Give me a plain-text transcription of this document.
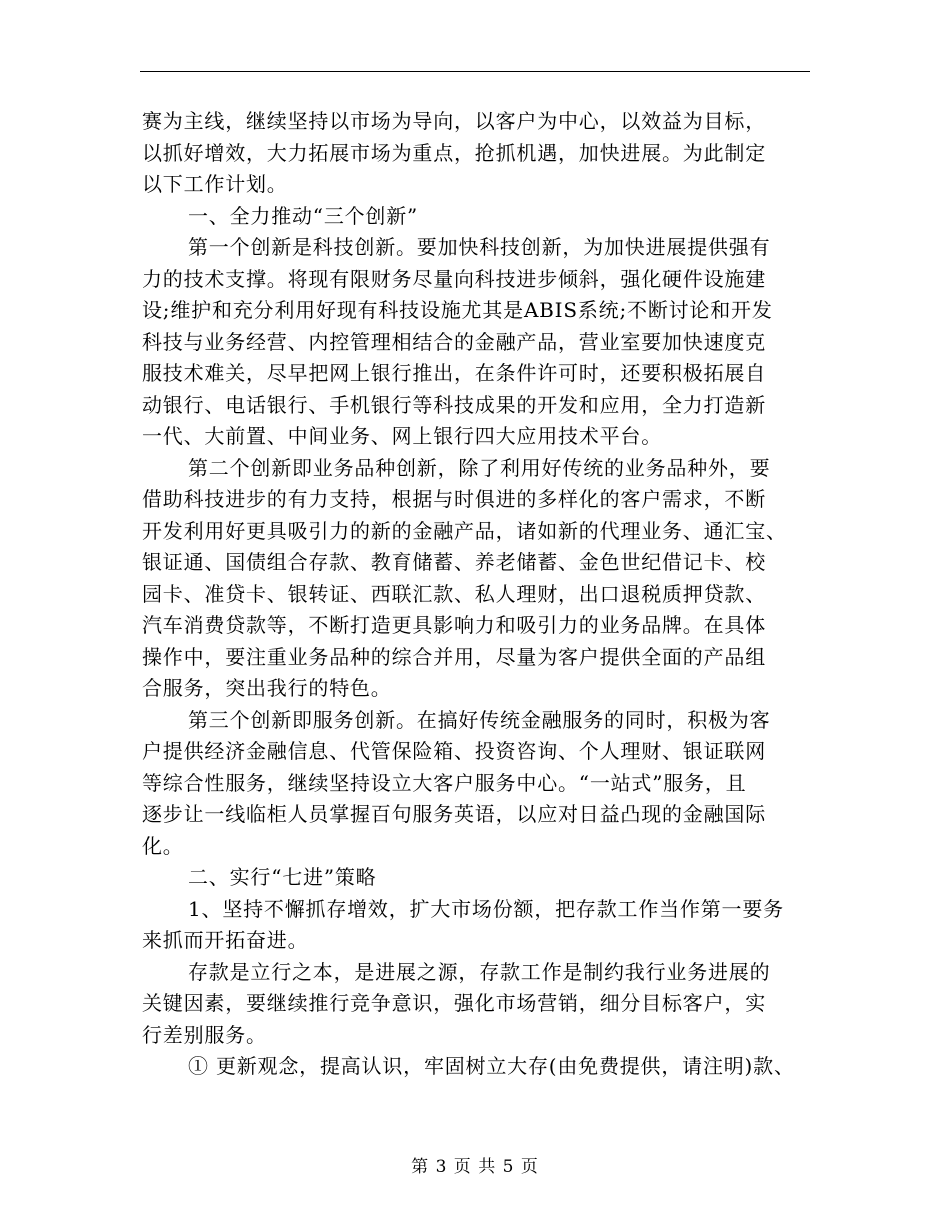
赛为主线，继续坚持以市场为导向，以客户为中心，以效益为目标，
以抓好增效，大力拓展市场为重点，抢抓机遇，加快进展。为此制定
以下工作计划。
一、全力推动“三个创新”
第一个创新是科技创新。要加快科技创新，为加快进展提供强有
力的技术支撑。将现有限财务尽量向科技进步倾斜，强化硬件设施建
设;维护和充分利用好现有科技设施尤其是ABIS系统;不断讨论和开发
科技与业务经营、内控管理相结合的金融产品，营业室要加快速度克
服技术难关，尽早把网上银行推出，在条件许可时，还要积极拓展自
动银行、电话银行、手机银行等科技成果的开发和应用，全力打造新
一代、大前置、中间业务、网上银行四大应用技术平台。
第二个创新即业务品种创新，除了利用好传统的业务品种外，要
借助科技进步的有力支持，根据与时俱进的多样化的客户需求，不断
开发利用好更具吸引力的新的金融产品，诸如新的代理业务、通汇宝、
银证通、国债组合存款、教育储蓄、养老储蓄、金色世纪借记卡、校
园卡、准贷卡、银转证、西联汇款、私人理财，出口退税质押贷款、
汽车消费贷款等，不断打造更具影响力和吸引力的业务品牌。在具体
操作中，要注重业务品种的综合并用，尽量为客户提供全面的产品组
合服务，突出我行的特色。
第三个创新即服务创新。在搞好传统金融服务的同时，积极为客
户提供经济金融信息、代管保险箱、投资咨询、个人理财、银证联网
等综合性服务，继续坚持设立大客户服务中心。“一站式”服务，且
逐步让一线临柜人员掌握百句服务英语，以应对日益凸现的金融国际
化。
二、实行“七进”策略
1、坚持不懈抓存增效，扩大市场份额，把存款工作当作第一要务
来抓而开拓奋进。
存款是立行之本，是进展之源，存款工作是制约我行业务进展的
关键因素，要继续推行竞争意识，强化市场营销，细分目标客户，实
行差别服务。
① 更新观念，提高认识，牢固树立大存(由免费提供，请注明)款、
第 3 页 共 5 页
